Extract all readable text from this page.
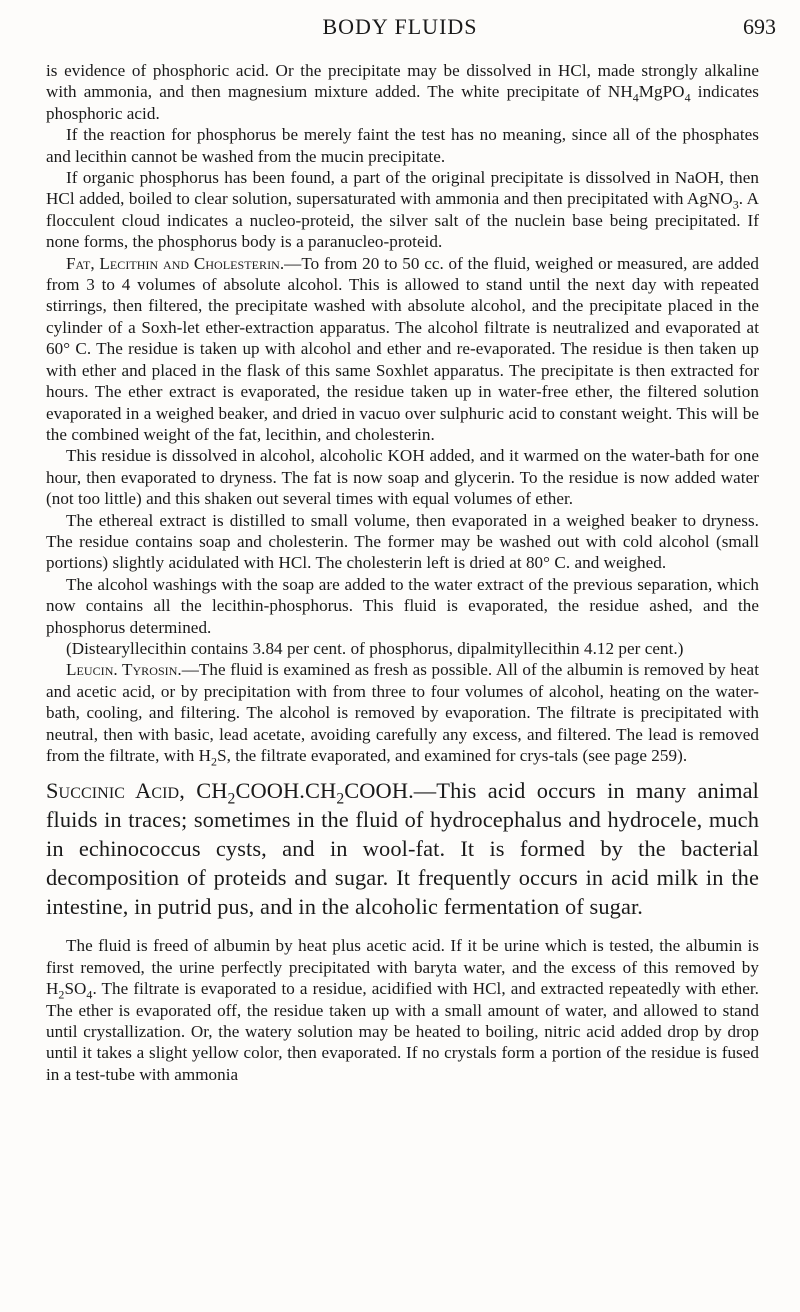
BODY FLUIDS	693

is evidence of phosphoric acid. Or the precipitate may be dissolved in HCl, made strongly alkaline with ammonia, and then magnesium mixture added. The white precipitate of $NH_4MgPO_4$ indicates phosphoric acid.

If the reaction for phosphorus be merely faint the test has no meaning, since all of the phosphates and lecithin cannot be washed from the mucin precipitate.

If organic phosphorus has been found, a part of the original precipitate is dissolved in NaOH, then HCl added, boiled to clear solution, supersaturated with ammonia and then precipitated with AgNO$_3$. A flocculent cloud indicates a nucleo-proteid, the silver salt of the nuclein base being precipitated. If none forms, the phosphorus body is a paranucleo-proteid.

Fat, Lecithin and Cholesterin.—To from 20 to 50 cc. of the fluid, weighed or measured, are added from 3 to 4 volumes of absolute alcohol. This is allowed to stand until the next day with repeated stirrings, then filtered, the precipitate washed with absolute alcohol, and the precipitate placed in the cylinder of a Soxh-let ether-extraction apparatus. The alcohol filtrate is neutralized and evaporated at 60° C. The residue is taken up with alcohol and ether and re-evaporated. The residue is then taken up with ether and placed in the flask of this same Soxhlet apparatus. The precipitate is then extracted for hours. The ether extract is evaporated, the residue taken up in water-free ether, the filtered solution evaporated in a weighed beaker, and dried in vacuo over sulphuric acid to constant weight. This will be the combined weight of the fat, lecithin, and cholesterin.

This residue is dissolved in alcohol, alcoholic KOH added, and it warmed on the water-bath for one hour, then evaporated to dryness. The fat is now soap and glycerin. To the residue is now added water (not too little) and this shaken out several times with equal volumes of ether.

The ethereal extract is distilled to small volume, then evaporated in a weighed beaker to dryness. The residue contains soap and cholesterin. The former may be washed out with cold alcohol (small portions) slightly acidulated with HCl. The cholesterin left is dried at 80° C. and weighed.

The alcohol washings with the soap are added to the water extract of the previous separation, which now contains all the lecithin-phosphorus. This fluid is evaporated, the residue ashed, and the phosphorus determined.

(Distearyllecithin contains 3.84 per cent. of phosphorus, dipalmityllecithin 4.12 per cent.)

Leucin. Tyrosin.—The fluid is examined as fresh as possible. All of the albumin is removed by heat and acetic acid, or by precipitation with from three to four volumes of alcohol, heating on the water-bath, cooling, and filtering. The alcohol is removed by evaporation. The filtrate is precipitated with neutral, then with basic, lead acetate, avoiding carefully any excess, and filtered. The lead is removed from the filtrate, with $H_2S$, the filtrate evaporated, and examined for crys-tals (see page 259).

Succinic Acid, $CH_2COOH.CH_2COOH.—This$ acid occurs in many animal fluids in traces; sometimes in the fluid of hydrocephalus and hydrocele, much in echinococcus cysts, and in wool-fat. It is formed by the bacterial decomposition of proteids and sugar. It frequently occurs in acid milk in the intestine, in putrid pus, and in the alcoholic fermentation of sugar.

The fluid is freed of albumin by heat plus acetic acid. If it be urine which is tested, the albumin is first removed, the urine perfectly precipitated with baryta water, and the excess of this removed by $H_2SO_4$. The filtrate is evaporated to a residue, acidified with HCl, and extracted repeatedly with ether. The ether is evaporated off, the residue taken up with a small amount of water, and allowed to stand until crystallization. Or, the watery solution may be heated to boiling, nitric acid added drop by drop until it takes a slight yellow color, then evaporated. If no crystals form a portion of the residue is fused in a test-tube with ammonia
